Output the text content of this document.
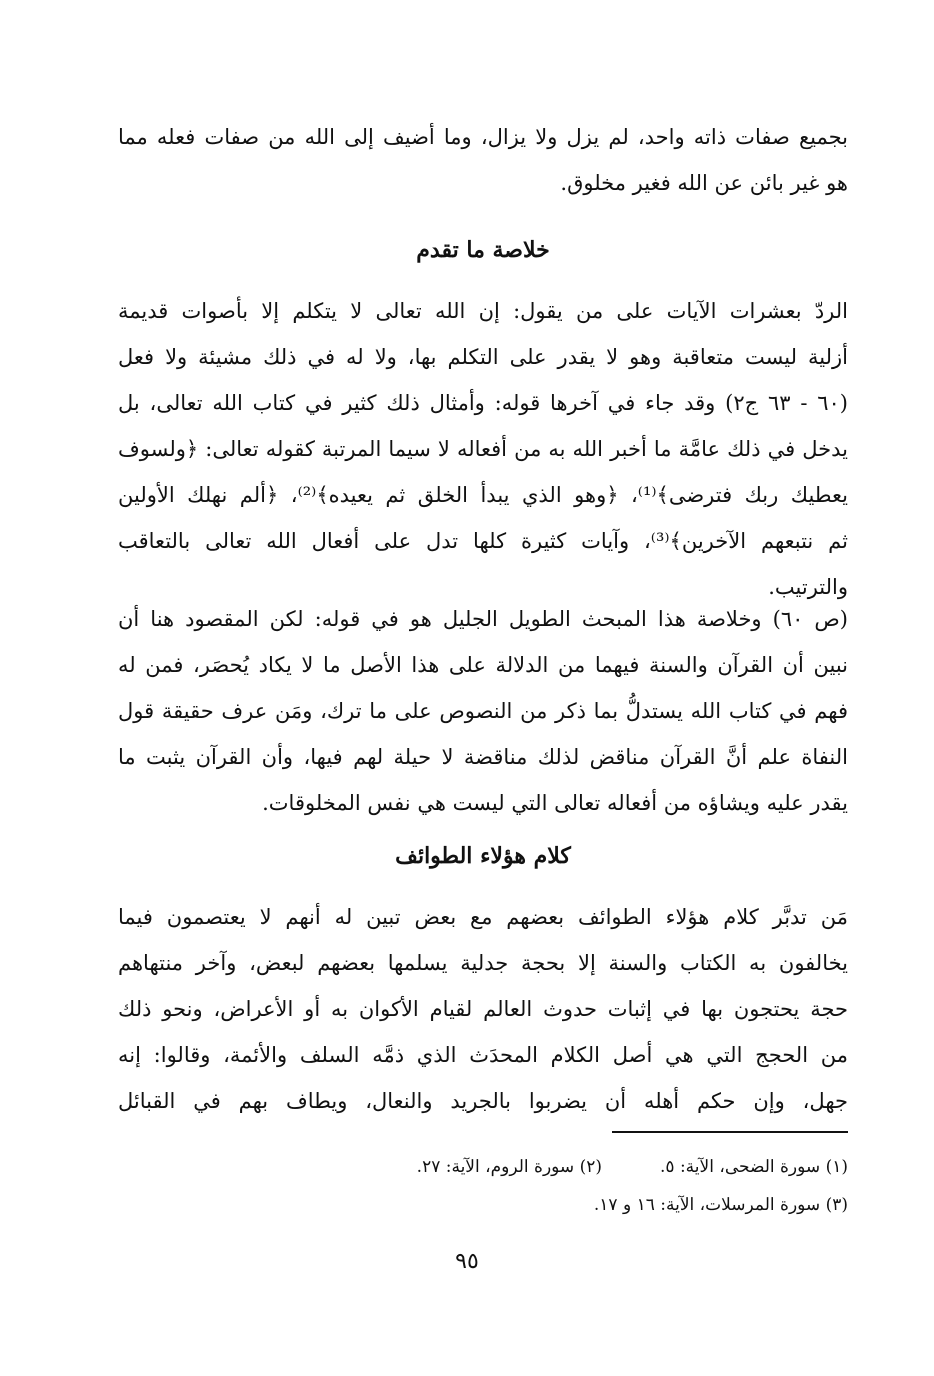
بجميع صفات ذاته واحد، لم يزل ولا يزال، وما أضيف إلى الله من صفات فعله مما
هو غير بائن عن الله فغير مخلوق.
خلاصة ما تقدم
الردّ بعشرات الآيات على من يقول: إن الله تعالى لا يتكلم إلا بأصوات قديمة
أزلية ليست متعاقبة وهو لا يقدر على التكلم بها، ولا له في ذلك مشيئة ولا فعل
(٦٠ - ٦٣ ج٢) وقد جاء في آخرها قوله: وأمثال ذلك كثير في كتاب الله تعالى، بل
يدخل في ذلك عامَّة ما أخبر الله به من أفعاله لا سيما المرتبة كقوله تعالى: ﴿ولسوف
يعطيك ربك فترضى﴾⁽¹⁾، ﴿وهو الذي يبدأ الخلق ثم يعيده﴾⁽²⁾، ﴿ألم نهلك الأولين
ثم نتبعهم الآخرين﴾⁽³⁾، وآيات كثيرة كلها تدل على أفعال الله تعالى بالتعاقب
والترتيب.
(ص ٦٠) وخلاصة هذا المبحث الطويل الجليل هو في قوله: لكن المقصود هنا أن
نبين أن القرآن والسنة فيهما من الدلالة على هذا الأصل ما لا يكاد يُحصَر، فمن له
فهم في كتاب الله يستدلُّ بما ذكر من النصوص على ما ترك، ومَن عرف حقيقة قول
النفاة علم أنَّ القرآن مناقض لذلك مناقضة لا حيلة لهم فيها، وأن القرآن يثبت ما
يقدر عليه ويشاؤه من أفعاله تعالى التي ليست هي نفس المخلوقات.
كلام هؤلاء الطوائف
مَن تدبَّر كلام هؤلاء الطوائف بعضهم مع بعض تبين له أنهم لا يعتصمون فيما
يخالفون به الكتاب والسنة إلا بحجة جدلية يسلمها بعضهم لبعض، وآخر منتهاهم
حجة يحتجون بها في إثبات حدوث العالم لقيام الأكوان به أو الأعراض، ونحو ذلك
من الحجج التي هي أصل الكلام المحدَث الذي ذمَّه السلف والأئمة، وقالوا: إنه
جهل، وإن حكم أهله أن يضربوا بالجريد والنعال، ويطاف بهم في القبائل
(١) سورة الضحى، الآية: ٥.(٢) سورة الروم، الآية: ٢٧.
(٣) سورة المرسلات، الآية: ١٦ و ١٧.
٩٥
